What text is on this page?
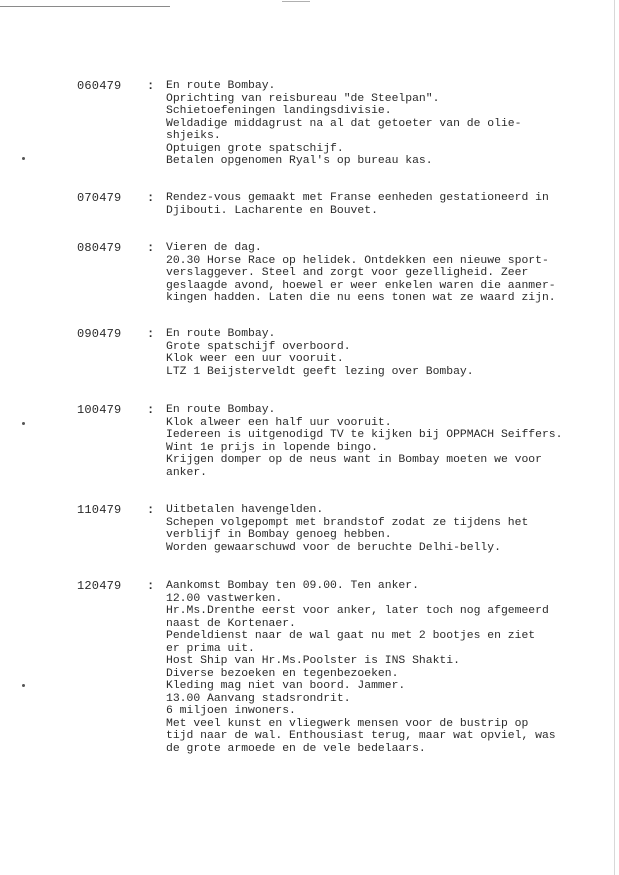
060479 : En route Bombay.
Oprichting van reisbureau "de Steelpan".
Schietoefeningen landingsdivisie.
Weldadige middagrust na al dat getoeter van de olie-
shjeiks.
Optuigen grote spatschijf.
Betalen opgenomen Ryal's op bureau kas.
070479 : Rendez-vous gemaakt met Franse eenheden gestationeerd in
Djibouti. Lacharente en Bouvet.
080479 : Vieren de dag.
20.30 Horse Race op helidek. Ontdekken een nieuwe sport-
verslaggever. Steel and zorgt voor gezelligheid. Zeer
geslaagde avond, hoewel er weer enkelen waren die aanmer-
kingen hadden. Laten die nu eens tonen wat ze waard zijn.
090479 : En route Bombay.
Grote spatschijf overboord.
Klok weer een uur vooruit.
LTZ 1 Beijsterveldt geeft lezing over Bombay.
100479 : En route Bombay.
Klok alweer een half uur vooruit.
Iedereen is uitgenodigd TV te kijken bij OPPMACH Seiffers.
Wint 1e prijs in lopende bingo.
Krijgen domper op de neus want in Bombay moeten we voor
anker.
110479 : Uitbetalen havengelden.
Schepen volgepompt met brandstof zodat ze tijdens het
verblijf in Bombay genoeg hebben.
Worden gewaarschuwd voor de beruchte Delhi-belly.
120479 : Aankomst Bombay ten 09.00. Ten anker.
12.00 vastwerken.
Hr.Ms.Drenthe eerst voor anker, later toch nog afgemeerd
naast de Kortenaer.
Pendeldienst naar de wal gaat nu met 2 bootjes en ziet
er prima uit.
Host Ship van Hr.Ms.Poolster is INS Shakti.
Diverse bezoeken en tegenbezoeken.
Kleding mag niet van boord. Jammer.
13.00 Aanvang stadsrondrit.
6 miljoen inwoners.
Met veel kunst en vliegwerk mensen voor de bustrip op
tijd naar de wal. Enthousiast terug, maar wat opviel, was
de grote armoede en de vele bedelaars.
